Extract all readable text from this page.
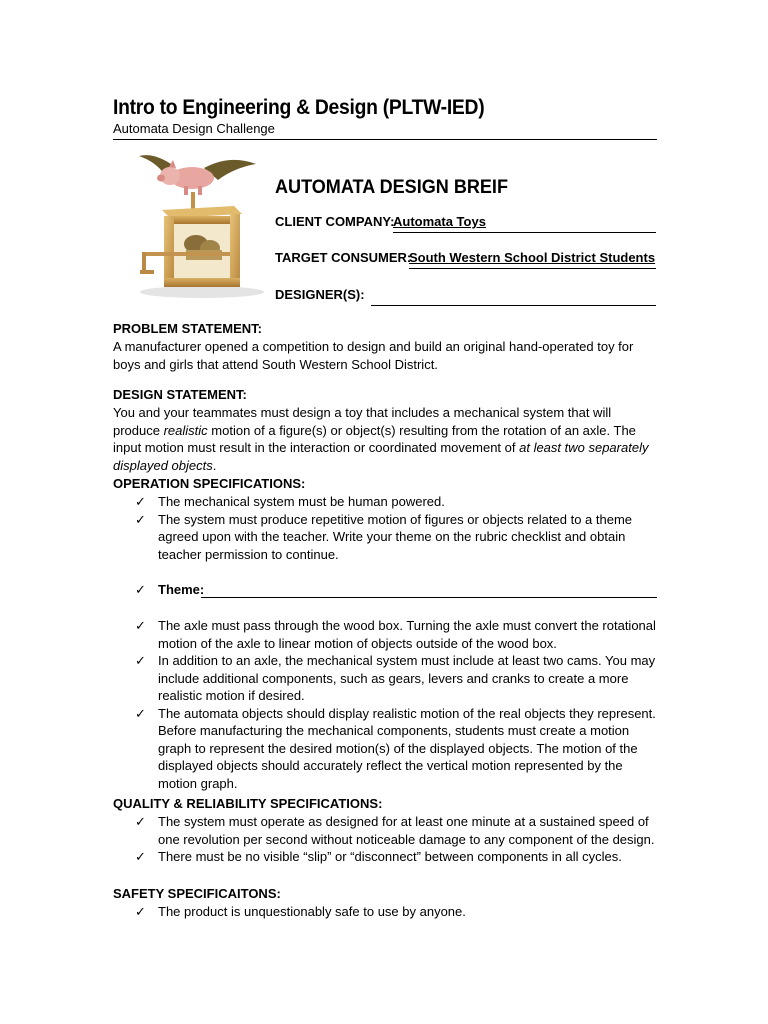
Intro to Engineering & Design (PLTW-IED)
Automata Design Challenge
AUTOMATA DESIGN BREIF
CLIENT COMPANY:
Automata Toys
TARGET CONSUMER:
South Western School District Students
DESIGNER(S):
PROBLEM STATEMENT:
A manufacturer opened a competition to design and build an original hand-operated toy for boys and girls that attend South Western School District.
DESIGN STATEMENT:
You and your teammates must design a toy that includes a mechanical system that will produce realistic motion of a figure(s) or object(s) resulting from the rotation of an axle. The input motion must result in the interaction or coordinated movement of at least two separately displayed objects.
OPERATION SPECIFICATIONS:
✓ The mechanical system must be human powered.
✓ The system must produce repetitive motion of figures or objects related to a theme agreed upon with the teacher. Write your theme on the rubric checklist and obtain teacher permission to continue.
✓ Theme:
✓ The axle must pass through the wood box. Turning the axle must convert the rotational motion of the axle to linear motion of objects outside of the wood box.
✓ In addition to an axle, the mechanical system must include at least two cams. You may include additional components, such as gears, levers and cranks to create a more realistic motion if desired.
✓ The automata objects should display realistic motion of the real objects they represent. Before manufacturing the mechanical components, students must create a motion graph to represent the desired motion(s) of the displayed objects. The motion of the displayed objects should accurately reflect the vertical motion represented by the motion graph.
QUALITY & RELIABILITY SPECIFICATIONS:
✓ The system must operate as designed for at least one minute at a sustained speed of one revolution per second without noticeable damage to any component of the design.
✓ There must be no visible “slip” or “disconnect” between components in all cycles.
SAFETY SPECIFICAITONS:
✓ The product is unquestionably safe to use by anyone.
